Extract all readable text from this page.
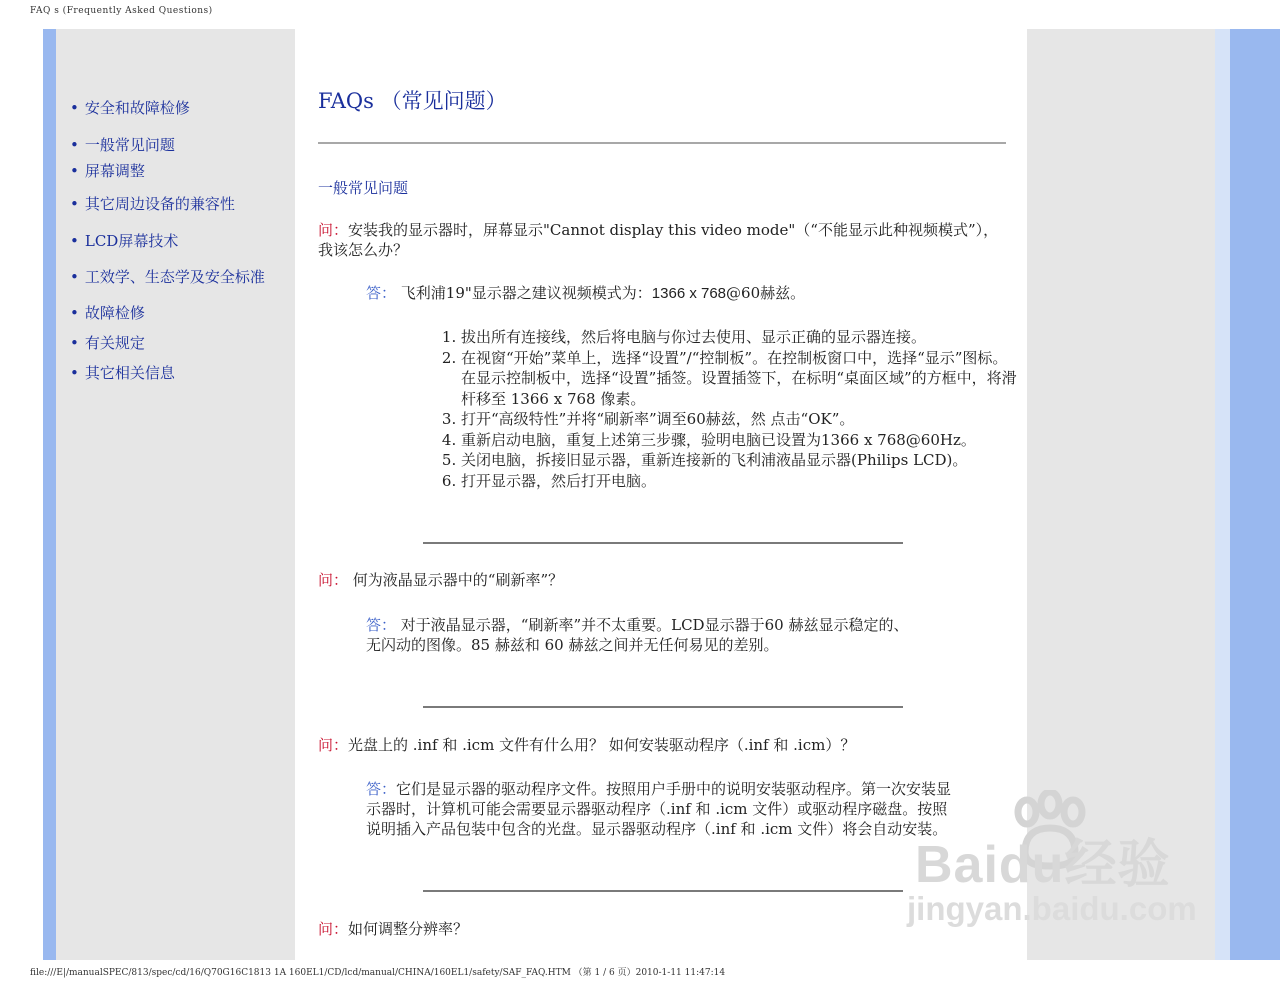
FAQ s (Frequently Asked Questions)
• 安全和故障检修
• 一般常见问题
• 屏幕调整
• 其它周边设备的兼容性
• LCD屏幕技术
• 工效学、生态学及安全标准
• 故障检修
• 有关规定
• 其它相关信息
FAQs （常见问题）
一般常见问题
问：安装我的显示器时，屏幕显示"Cannot display this video mode"（“不能显示此种视频模式”），我该怎么办？
答： 飞利浦19"显示器之建议视频模式为：1366 x 768@60赫兹。
1. 拔出所有连接线，然后将电脑与你过去使用、显示正确的显示器连接。
2. 在视窗“开始”菜单上，选择“设置”/“控制板”。在控制板窗口中，选择“显示”图标。在显示控制板中，选择“设置”插签。设置插签下，在标明“桌面区域”的方框中，将滑杆移至 1366 x 768 像素。
3. 打开“高级特性”并将“刷新率”调至60赫兹，然 点击“OK”。
4. 重新启动电脑，重复上述第三步骤，验明电脑已设置为1366 x 768@60Hz。
5. 关闭电脑，拆接旧显示器，重新连接新的飞利浦液晶显示器(Philips LCD)。
6. 打开显示器，然后打开电脑。
问： 何为液晶显示器中的“刷新率”？
答： 对于液晶显示器，“刷新率”并不太重要。LCD显示器于60 赫兹显示稳定的、
无闪动的图像。85 赫兹和 60 赫兹之间并无任何易见的差别。
问：光盘上的 .inf 和 .icm 文件有什么用？ 如何安装驱动程序（.inf 和 .icm）？
答：它们是显示器的驱动程序文件。按照用户手册中的说明安装驱动程序。第一次安装显示器时，计算机可能会需要显示器驱动程序（.inf 和 .icm 文件）或驱动程序磁盘。按照说明插入产品包装中包含的光盘。显示器驱动程序（.inf 和 .icm 文件）将会自动安装。
问：如何调整分辨率？
Baidu经验
jingyan.baidu.com
file:///E|/manualSPEC/813/spec/cd/16/Q70G16C1813 1A 160EL1/CD/lcd/manual/CHINA/160EL1/safety/SAF_FAQ.HTM （第 1 / 6 页）2010-1-11 11:47:14
